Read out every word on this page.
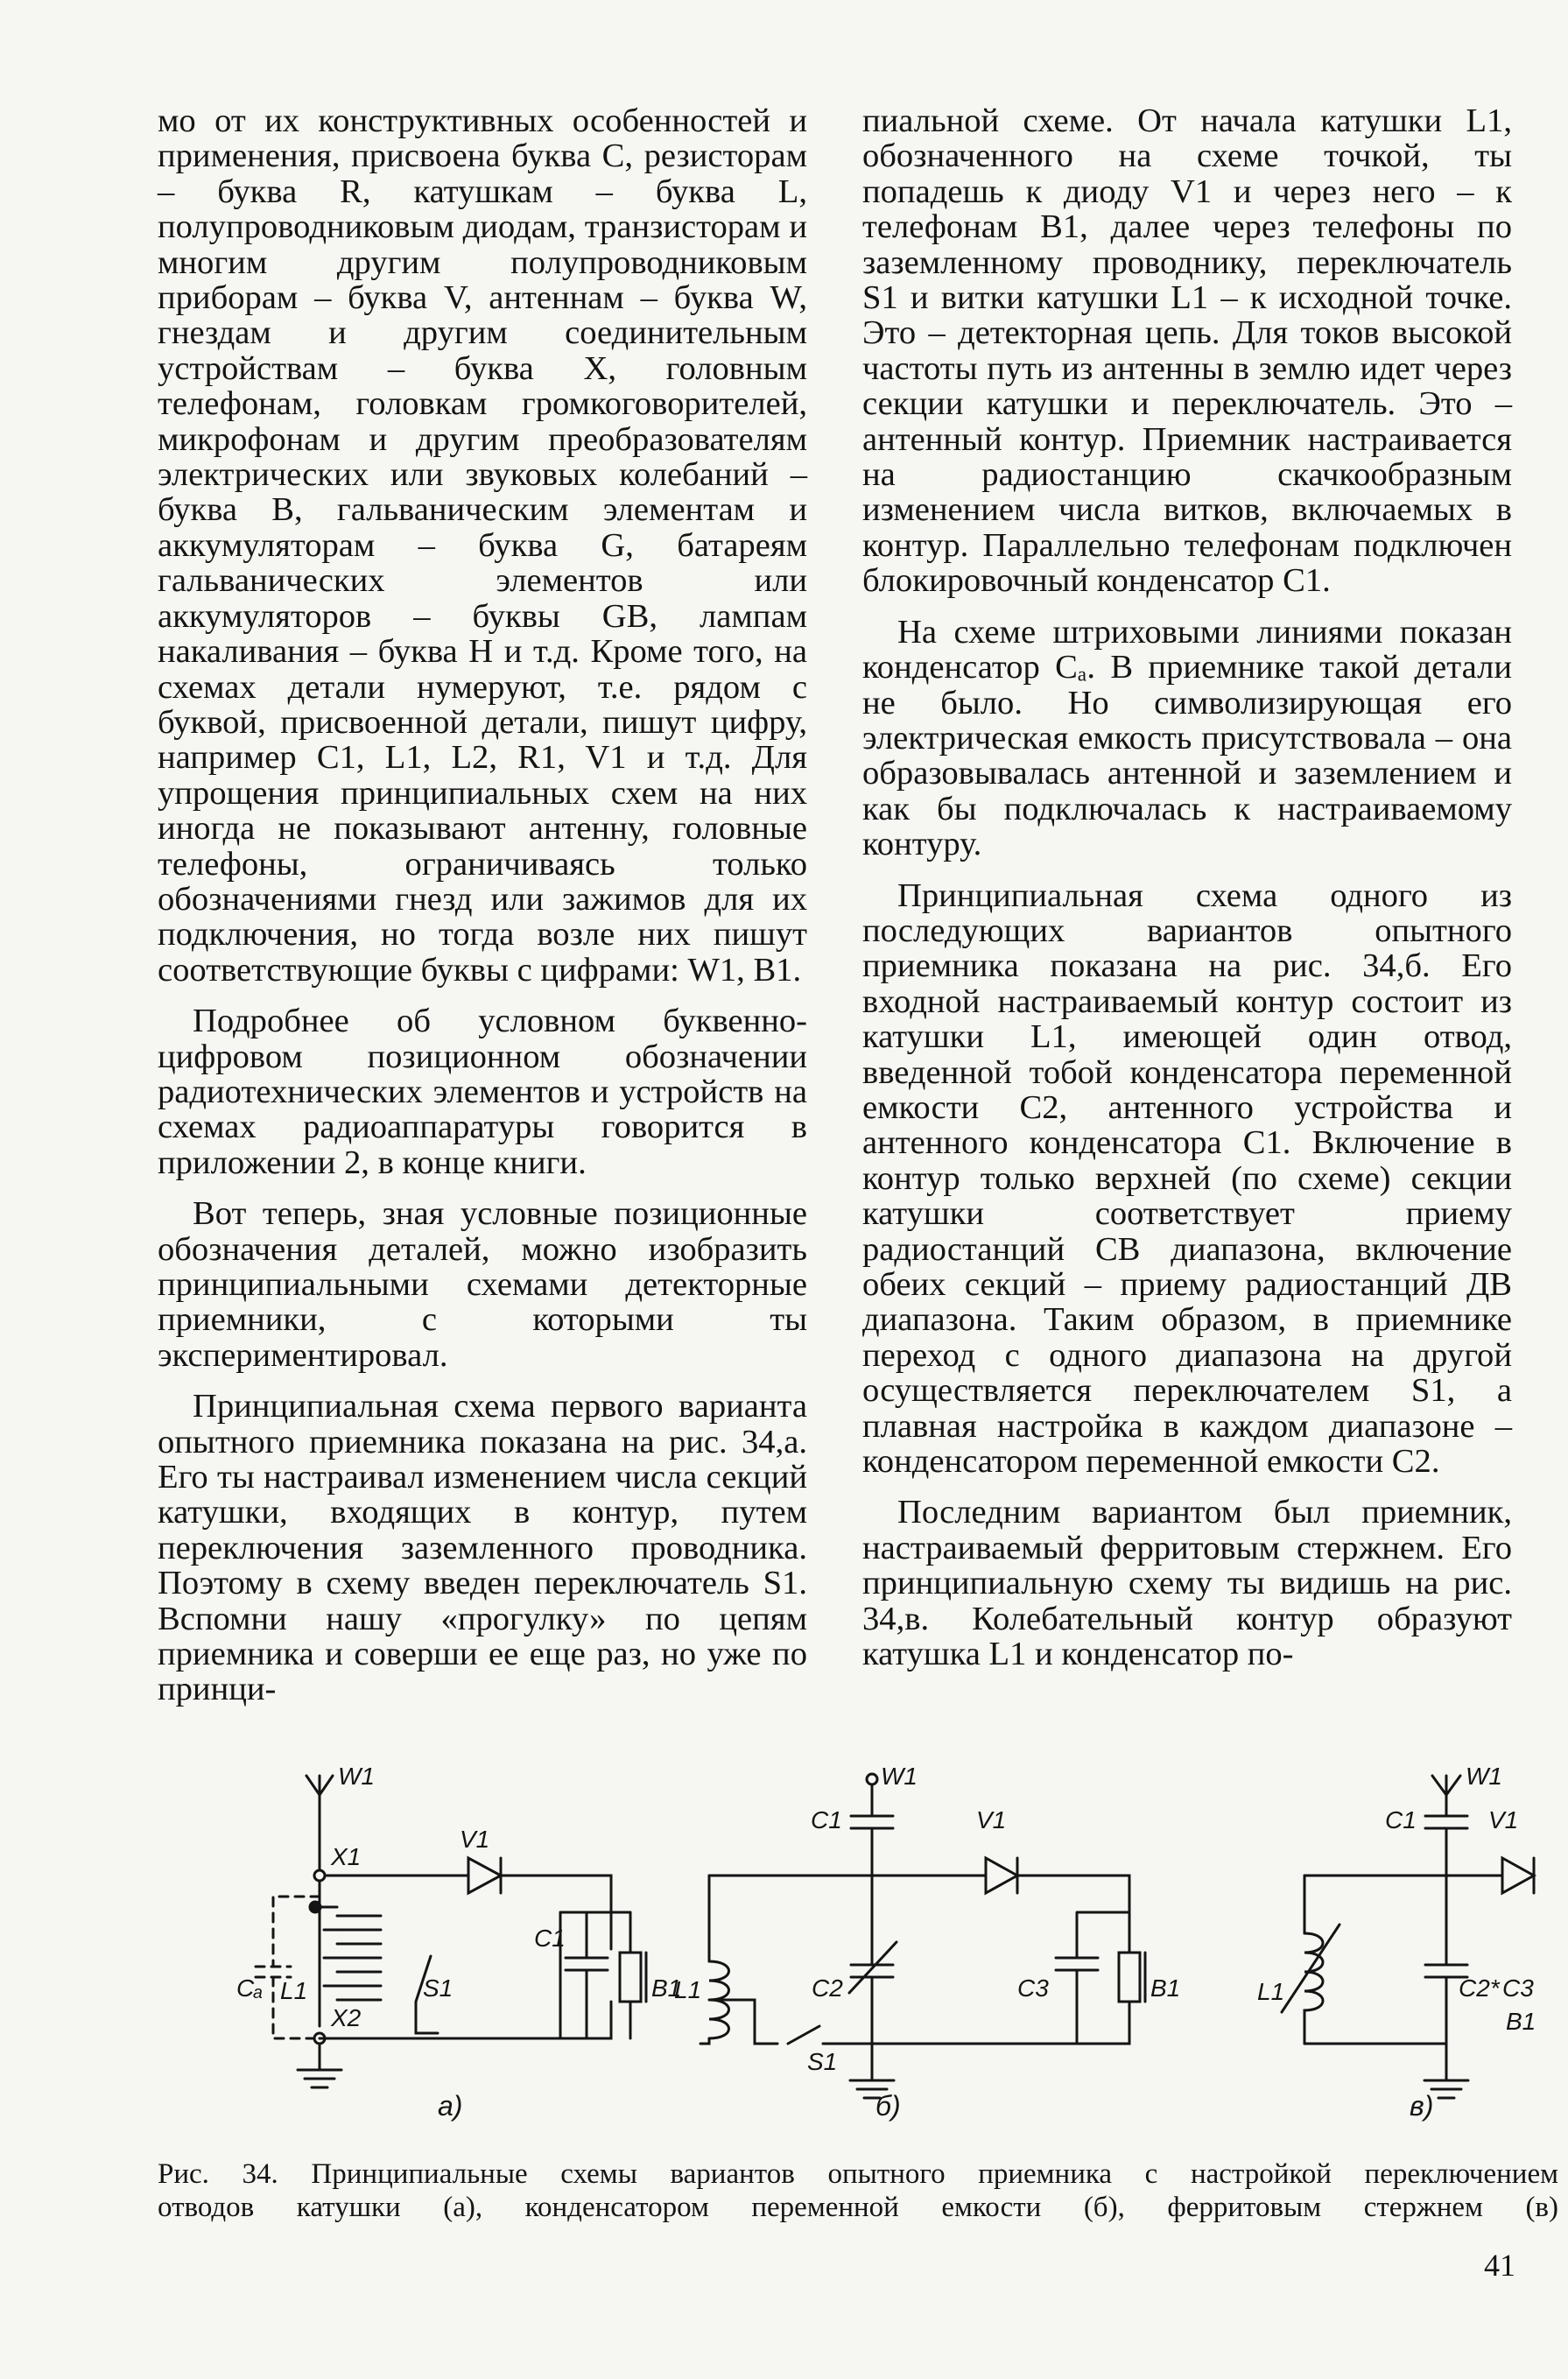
мо от их конструктивных особенностей и применения, присвоена буква С, резисторам – буква R, катушкам – буква L, полупроводниковым диодам, транзисторам и многим другим полупроводниковым приборам – буква V, антеннам – буква W, гнездам и другим соединительным устройствам – буква Х, головным телефонам, головкам громкоговорителей, микрофонам и другим преобразователям электрических или звуковых колебаний – буква В, гальваническим элементам и аккумуляторам – буква G, батареям гальванических элементов или аккумуляторов – буквы GB, лампам накаливания – буква Н и т.д. Кроме того, на схемах детали нумеруют, т.е. рядом с буквой, присвоенной детали, пишут цифру, например С1, L1, L2, R1, V1 и т.д. Для упрощения принципиальных схем на них иногда не показывают антенну, головные телефоны, ограничиваясь только обозначениями гнезд или зажимов для их подключения, но тогда возле них пишут соответствующие буквы с цифрами: W1, В1.

Подробнее об условном буквенно-цифровом позиционном обозначении радиотехнических элементов и устройств на схемах радиоаппаратуры говорится в приложении 2, в конце книги.

Вот теперь, зная условные позиционные обозначения деталей, можно изобразить принципиальными схемами детекторные приемники, с которыми ты экспериментировал.

Принципиальная схема первого варианта опытного приемника показана на рис. 34,а. Его ты настраивал изменением числа секций катушки, входящих в контур, путем переключения заземленного проводника. Поэтому в схему введен переключатель S1. Вспомни нашу «прогулку» по цепям приемника и соверши ее еще раз, но уже по принци-

пиальной схеме. От начала катушки L1, обозначенного на схеме точкой, ты попадешь к диоду V1 и через него – к телефонам В1, далее через телефоны по заземленному проводнику, переключатель S1 и витки катушки L1 – к исходной точке. Это – детекторная цепь. Для токов высокой частоты путь из антенны в землю идет через секции катушки и переключатель. Это – антенный контур. Приемник настраивается на радиостанцию скачкообразным изменением числа витков, включаемых в контур. Параллельно телефонам подключен блокировочный конденсатор С1.

На схеме штриховыми линиями показан конденсатор Сₐ. В приемнике такой детали не было. Но символизирующая его электрическая емкость присутствовала – она образовывалась антенной и заземлением и как бы подключалась к настраиваемому контуру.

Принципиальная схема одного из последующих вариантов опытного приемника показана на рис. 34,б. Его входной настраиваемый контур состоит из катушки L1, имеющей один отвод, введенной тобой конденсатора переменной емкости С2, антенного устройства и антенного конденсатора С1. Включение в контур только верхней (по схеме) секции катушки соответствует приему радиостанций СВ диапазона, включение обеих секций – приему радиостанций ДВ диапазона. Таким образом, в приемнике переход с одного диапазона на другой осуществляется переключателем S1, а плавная настройка в каждом диапазоне – конденсатором переменной емкости С2.

Последним вариантом был приемник, настраиваемый ферритовым стержнем. Его принципиальную схему ты видишь на рис. 34,в. Колебательный контур образуют катушка L1 и конденсатор по-

W1
X1
V1
C1
Cₐ L1	S1	B1
X2
а)
W1
C1	V1
L1	C2	C3	B1
S1
б)
W1
C1	V1
L1	C2* C3
B1
в)
Рис. 34. Принципиальные схемы вариантов опытного приемника с настройкой переключением
отводов катушки (а), конденсатором переменной емкости (б), ферритовым стержнем (в)
41
